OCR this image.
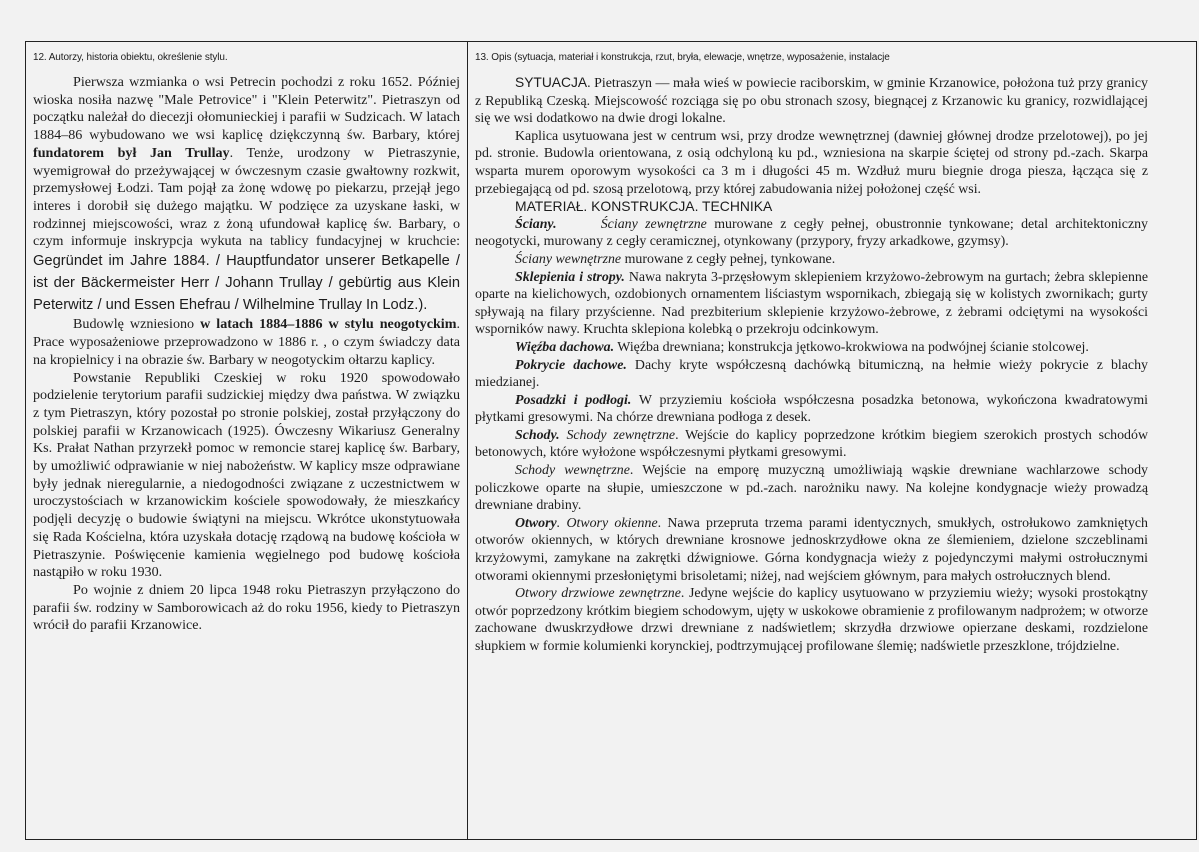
12. Autorzy, historia obiektu, określenie stylu.

Pierwsza wzmianka o wsi Petrecin pochodzi z roku 1652. Później wioska nosiła nazwę "Male Petrovice" i "Klein Peterwitz". Pietraszyn od początku należał do diecezji ołomunieckiej i parafii w Sudzicach. W latach 1884–86 wybudowano we wsi kaplicę dziękczynną św. Barbary, której fundatorem był Jan Trullay. Tenże, urodzony w Pietraszynie, wyemigrował do przeżywającej w ówczesnym czasie gwałtowny rozkwit, przemysłowej Łodzi. Tam pojął za żonę wdowę po piekarzu, przejął jego interes i dorobił się dużego majątku. W podzięce za uzyskane łaski, w rodzinnej miejscowości, wraz z żoną ufundował kaplicę św. Barbary, o czym informuje inskrypcja wykuta na tablicy fundacyjnej w kruchcie: Gegründet im Jahre 1884. / Hauptfundator unserer Betkapelle / ist der Bäckermeister Herr / Johann Trullay / gebürtig aus Klein Peterwitz / und Essen Ehefrau / Wilhelmine Trullay In Lodz.).

Budowlę wzniesiono w latach 1884–1886 w stylu neogotyckim. Prace wyposażeniowe przeprowadzono w 1886 r. , o czym świadczy data na kropielnicy i na obrazie św. Barbary w neogotyckim ołtarzu kaplicy.

Powstanie Republiki Czeskiej w roku 1920 spowodowało podzielenie terytorium parafii sudzickiej między dwa państwa. W związku z tym Pietraszyn, który pozostał po stronie polskiej, został przyłączony do polskiej parafii w Krzanowicach (1925). Ówczesny Wikariusz Generalny Ks. Prałat Nathan przyrzekł pomoc w remoncie starej kaplicę św. Barbary, by umożliwić odprawianie w niej nabożeństw. W kaplicy msze odprawiane były jednak nieregularnie, a niedogodności związane z uczestnictwem w uroczystościach w krzanowickim kościele spowodowały, że mieszkańcy podjęli decyzję o budowie świątyni na miejscu. Wkrótce ukonstytuowała się Rada Kościelna, która uzyskała dotację rządową na budowę kościoła w Pietraszynie. Poświęcenie kamienia węgielnego pod budowę kościoła nastąpiło w roku 1930.

Po wojnie z dniem 20 lipca 1948 roku Pietraszyn przyłączono do parafii św. rodziny w Samborowicach aż do roku 1956, kiedy to Pietraszyn wrócił do parafii Krzanowice.

13. Opis (sytuacja, materiał i konstrukcja, rzut, bryła, elewacje, wnętrze, wyposażenie, instalacje

SYTUACJA. Pietraszyn — mała wieś w powiecie raciborskim, w gminie Krzanowice, położona tuż przy granicy z Republiką Czeską. Miejscowość rozciąga się po obu stronach szosy, biegnącej z Krzanowic ku granicy, rozwidlającej się we wsi dodatkowo na dwie drogi lokalne.

Kaplica usytuowana jest w centrum wsi, przy drodze wewnętrznej (dawniej głównej drodze przelotowej), po jej pd. stronie. Budowla orientowana, z osią odchyloną ku pd., wzniesiona na skarpie ściętej od strony pd.-zach. Skarpa wsparta murem oporowym wysokości ca 3 m i długości 45 m. Wzdłuż muru biegnie droga piesza, łącząca się z przebiegającą od pd. szosą przelotową, przy której zabudowania niżej położonej część wsi.

MATERIAŁ. KONSTRUKCJA. TECHNIKA

Ściany.	Ściany zewnętrzne murowane z cegły pełnej, obustronnie tynkowane; detal architektoniczny neogotycki, murowany z cegły ceramicznej, otynkowany (przypory, fryzy arkadkowe, gzymsy).

Ściany wewnętrzne murowane z cegły pełnej, tynkowane.

Sklepienia i stropy. Nawa nakryta 3-przęsłowym sklepieniem krzyżowo-żebrowym na gurtach; żebra sklepienne oparte na kielichowych, ozdobionych ornamentem liściastym wspornikach, zbiegają się w kolistych zwornikach; gurty spływają na filary przyścienne. Nad prezbiterium sklepienie krzyżowo-żebrowe, z żebrami odciętymi na wysokości wsporników nawy. Kruchta sklepiona kolebką o przekroju odcinkowym.

Więźba dachowa. Więźba drewniana; konstrukcja jętkowo-krokwiowa na podwójnej ścianie stolcowej.

Pokrycie dachowe. Dachy kryte współczesną dachówką bitumiczną, na hełmie wieży pokrycie z blachy miedzianej.

Posadzki i podłogi. W przyziemiu kościoła współczesna posadzka betonowa, wykończona kwadratowymi płytkami gresowymi. Na chórze drewniana podłoga z desek.

Schody. Schody zewnętrzne. Wejście do kaplicy poprzedzone krótkim biegiem szerokich prostych schodów betonowych, które wyłożone współczesnymi płytkami gresowymi.

Schody wewnętrzne. Wejście na emporę muzyczną umożliwiają wąskie drewniane wachlarzowe schody policzkowe oparte na słupie, umieszczone w pd.-zach. narożniku nawy. Na kolejne kondygnacje wieży prowadzą drewniane drabiny.

Otwory. Otwory okienne. Nawa przepruta trzema parami identycznych, smukłych, ostrołukowo zamkniętych otworów okiennych, w których drewniane krosnowe jednoskrzydłowe okna ze ślemieniem, dzielone szczeblinami krzyżowymi, zamykane na zakrętki dźwigniowe. Górna kondygnacja wieży z pojedynczymi małymi ostrołucznymi otworami okiennymi przesłoniętymi brisoletami; niżej, nad wejściem głównym, para małych ostrołucznych blend.

Otwory drzwiowe zewnętrzne. Jedyne wejście do kaplicy usytuowano w przyziemiu wieży; wysoki prostokątny otwór poprzedzony krótkim biegiem schodowym, ujęty w uskokowe obramienie z profilowanym nadprożem; w otworze zachowane dwuskrzydłowe drzwi drewniane z nadświetlem; skrzydła drzwiowe opierzane deskami, rozdzielone słupkiem w formie kolumienki korynckiej, podtrzymującej profilowane ślemię; nadświetle przeszklone, trójdzielne.
